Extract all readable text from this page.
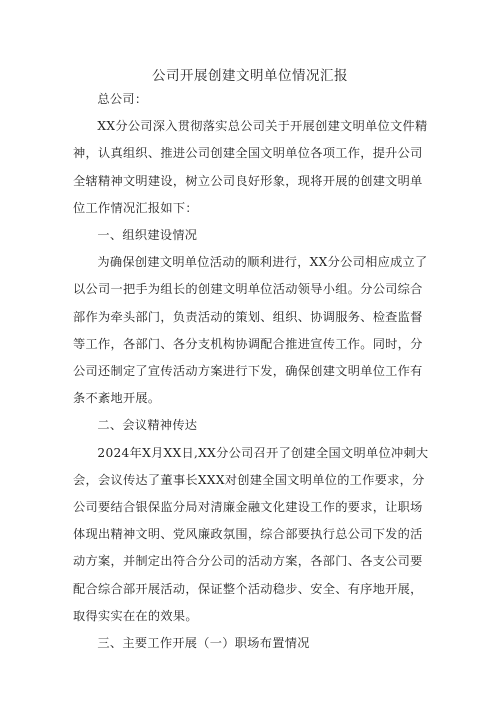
公司开展创建文明单位情况汇报

总公司：

XX分公司深入贯彻落实总公司关于开展创建文明单位文件精神，认真组织、推进公司创建全国文明单位各项工作，提升公司全辖精神文明建设，树立公司良好形象，现将开展的创建文明单位工作情况汇报如下：

一、组织建设情况

为确保创建文明单位活动的顺利进行，XX分公司相应成立了以公司一把手为组长的创建文明单位活动领导小组。分公司综合部作为牵头部门，负责活动的策划、组织、协调服务、检查监督等工作，各部门、各分支机构协调配合推进宣传工作。同时，分公司还制定了宣传活动方案进行下发，确保创建文明单位工作有条不紊地开展。

二、会议精神传达

2024年X月XX日,XX分公司召开了创建全国文明单位冲刺大会，会议传达了董事长XXX对创建全国文明单位的工作要求，分公司要结合银保监分局对清廉金融文化建设工作的要求，让职场体现出精神文明、党风廉政氛围，综合部要执行总公司下发的活动方案，并制定出符合分公司的活动方案，各部门、各支公司要配合综合部开展活动，保证整个活动稳步、安全、有序地开展，取得实实在在的效果。

三、主要工作开展（一）职场布置情况
